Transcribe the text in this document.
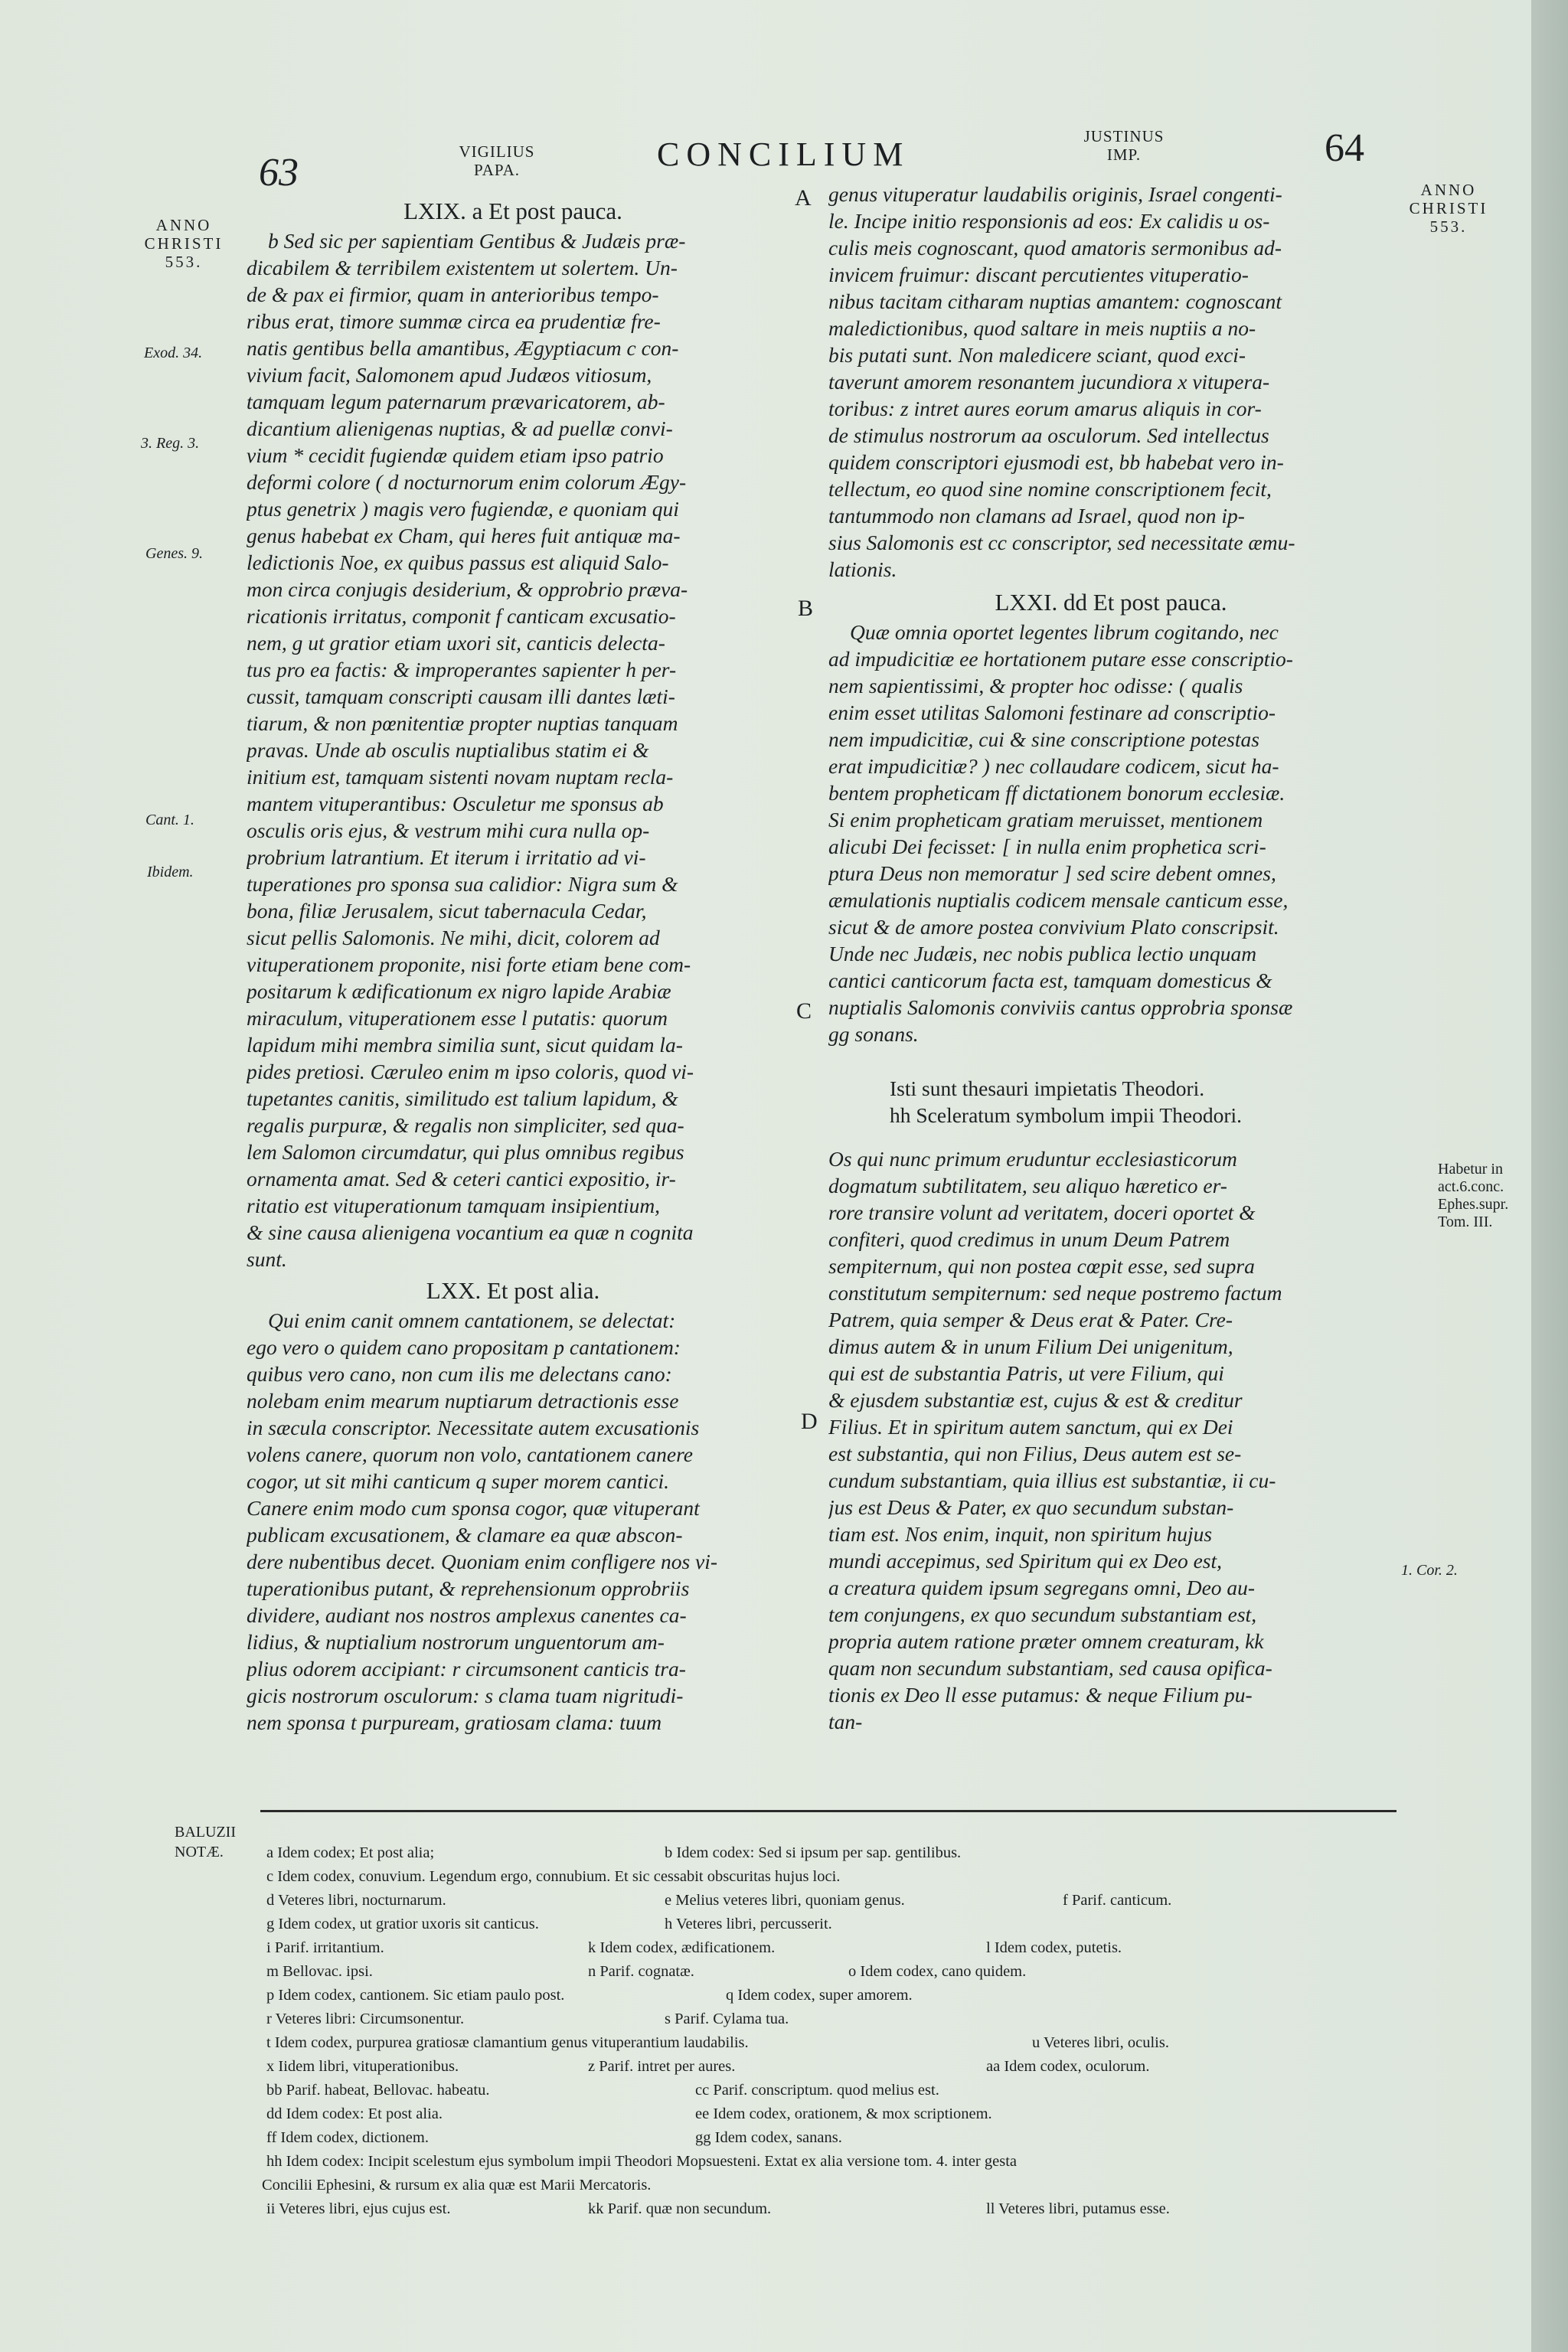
63	VIGILIUS
PAPA.	CONCILIUM	JUSTINUS
IMP.	64
ANNO
CHRISTI
553.
ANNO
CHRISTI
553.
A
B
C
D
Exod. 34.
3. Reg. 3.
Genes. 9.
Cant. 1.
Ibidem.
Habetur in act.6.conc. Ephes.supr. Tom. III.
1. Cor. 2.

LXIX. a Et post pauca.

b Sed sic per sapientiam Gentibus & Judæis præ-
dicabilem & terribilem existentem ut solertem. Un-
de & pax ei firmior, quam in anterioribus tempo-
ribus erat, timore summæ circa ea prudentiæ fre-
natis gentibus bella amantibus, Ægyptiacum c con-
vivium facit, Salomonem apud Judæos vitiosum,
tamquam legum paternarum prævaricatorem, ab-
dicantium alienigenas nuptias, & ad puellæ convi-
vium * cecidit fugiendæ quidem etiam ipso patrio
deformi colore ( d nocturnorum enim colorum Ægy-
ptus genetrix ) magis vero fugiendæ, e quoniam qui
genus habebat ex Cham, qui heres fuit antiquæ ma-
ledictionis Noe, ex quibus passus est aliquid Salo-
mon circa conjugis desiderium, & opprobrio præva-
ricationis irritatus, componit f canticam excusatio-
nem, g ut gratior etiam uxori sit, canticis delecta-
tus pro ea factis: & improperantes sapienter h per-
cussit, tamquam conscripti causam illi dantes læti-
tiarum, & non pœnitentiæ propter nuptias tanquam
pravas. Unde ab osculis nuptialibus statim ei &
initium est, tamquam sistenti novam nuptam recla-
mantem vituperantibus: Osculetur me sponsus ab
osculis oris ejus, & vestrum mihi cura nulla op-
probrium latrantium. Et iterum i irritatio ad vi-
tuperationes pro sponsa sua calidior: Nigra sum &
bona, filiæ Jerusalem, sicut tabernacula Cedar,
sicut pellis Salomonis. Ne mihi, dicit, colorem ad
vituperationem proponite, nisi forte etiam bene com-
positarum k ædificationum ex nigro lapide Arabiæ
miraculum, vituperationem esse l putatis: quorum
lapidum mihi membra similia sunt, sicut quidam la-
pides pretiosi. Cæruleo enim m ipso coloris, quod vi-
tupetantes canitis, similitudo est talium lapidum, &
regalis purpuræ, & regalis non simpliciter, sed qua-
lem Salomon circumdatur, qui plus omnibus regibus
ornamenta amat. Sed & ceteri cantici expositio, ir-
ritatio est vituperationum tamquam insipientium,
& sine causa alienigena vocantium ea quæ n cognita
sunt.

LXX. Et post alia.

Qui enim canit omnem cantationem, se delectat:
ego vero o quidem cano propositam p cantationem:
quibus vero cano, non cum ilis me delectans cano:
nolebam enim mearum nuptiarum detractionis esse
in sæcula conscriptor. Necessitate autem excusationis
volens canere, quorum non volo, cantationem canere
cogor, ut sit mihi canticum q super morem cantici.
Canere enim modo cum sponsa cogor, quæ vituperant
publicam excusationem, & clamare ea quæ abscon-
dere nubentibus decet. Quoniam enim confligere nos vi-
tuperationibus putant, & reprehensionum opprobriis
dividere, audiant nos nostros amplexus canentes ca-
lidius, & nuptialium nostrorum unguentorum am-
plius odorem accipiant: r circumsonent canticis tra-
gicis nostrorum osculorum: s clama tuam nigritudi-
nem sponsa t purpuream, gratiosam clama: tuum
genus vituperatur laudabilis originis, Israel congenti-
le. Incipe initio responsionis ad eos: Ex calidis u os-
culis meis cognoscant, quod amatoris sermonibus ad-
invicem fruimur: discant percutientes vituperatio-
nibus tacitam citharam nuptias amantem: cognoscant
maledictionibus, quod saltare in meis nuptiis a no-
bis putati sunt. Non maledicere sciant, quod exci-
taverunt amorem resonantem jucundiora x vitupera-
toribus: z intret aures eorum amarus aliquis in cor-
de stimulus nostrorum aa osculorum. Sed intellectus
quidem conscriptori ejusmodi est, bb habebat vero in-
tellectum, eo quod sine nomine conscriptionem fecit,
tantummodo non clamans ad Israel, quod non ip-
sius Salomonis est cc conscriptor, sed necessitate æmu-
lationis.

LXXI. dd Et post pauca.

Quæ omnia oportet legentes librum cogitando, nec
ad impudicitiæ ee hortationem putare esse conscriptio-
nem sapientissimi, & propter hoc odisse: ( qualis
enim esset utilitas Salomoni festinare ad conscriptio-
nem impudicitiæ, cui & sine conscriptione potestas
erat impudicitiæ? ) nec collaudare codicem, sicut ha-
bentem propheticam ff dictationem bonorum ecclesiæ.
Si enim propheticam gratiam meruisset, mentionem
alicubi Dei fecisset: [ in nulla enim prophetica scri-
ptura Deus non memoratur ] sed scire debent omnes,
æmulationis nuptialis codicem mensale canticum esse,
sicut & de amore postea convivium Plato conscripsit.
Unde nec Judæis, nec nobis publica lectio unquam
cantici canticorum facta est, tamquam domesticus &
nuptialis Salomonis conviviis cantus opprobria sponsæ
gg sonans.

Isti sunt thesauri impietatis Theodori.

hh Sceleratum symbolum impii Theodori.

Os qui nunc primum eruduntur ecclesiasticorum
dogmatum subtilitatem, seu aliquo hæretico er-
rore transire volunt ad veritatem, doceri oportet &
confiteri, quod credimus in unum Deum Patrem
sempiternum, qui non postea cœpit esse, sed supra
constitutum sempiternum: sed neque postremo factum
Patrem, quia semper & Deus erat & Pater. Cre-
dimus autem & in unum Filium Dei unigenitum,
qui est de substantia Patris, ut vere Filium, qui
& ejusdem substantiæ est, cujus & est & creditur
Filius. Et in spiritum autem sanctum, qui ex Dei
est substantia, qui non Filius, Deus autem est se-
cundum substantiam, quia illius est substantiæ, ii cu-
jus est Deus & Pater, ex quo secundum substan-
tiam est. Nos enim, inquit, non spiritum hujus
mundi accepimus, sed Spiritum qui ex Deo est,
a creatura quidem ipsum segregans omni, Deo au-
tem conjungens, ex quo secundum substantiam est,
propria autem ratione præter omnem creaturam, kk
quam non secundum substantiam, sed causa opifica-
tionis ex Deo ll esse putamus: & neque Filium pu-
tan-
BALUZII
NOTÆ.	a Idem codex; Et post alia;	b Idem codex: Sed si ipsum per sap. gentilibus.
c Idem codex, conuvium. Legendum ergo, connubium. Et sic cessabit obscuritas hujus loci.
d Veteres libri, nocturnarum.	e Melius veteres libri, quoniam genus.	f Parif. canticum.
g Idem codex, ut gratior uxoris sit canticus.	h Veteres libri, percusserit.
i Parif. irritantium.	k Idem codex, ædificationem.	l Idem codex, putetis.
m Bellovac. ipsi.	n Parif. cognatæ.	o Idem codex, cano quidem.
p Idem codex, cantionem. Sic etiam paulo post.	q Idem codex, super amorem.
r Veteres libri: Circumsonentur.	s Parif. Cylama tua.
t Idem codex, purpurea gratiosæ clamantium genus vituperantium laudabilis.	u Veteres libri, oculis.
x Iidem libri, vituperationibus.	z Parif. intret per aures.	aa Idem codex, oculorum.
bb Parif. habeat, Bellovac. habeatu.	cc Parif. conscriptum. quod melius est.
dd Idem codex: Et post alia.	ee Idem codex, orationem, & mox scriptionem.
ff Idem codex, dictionem.	gg Idem codex, sanans.
hh Idem codex: Incipit scelestum ejus symbolum impii Theodori Mopsuesteni. Extat ex alia versione tom. 4. inter gesta
Concilii Ephesini, & rursum ex alia quæ est Marii Mercatoris.
ii Veteres libri, ejus cujus est.	kk Parif. quæ non secundum.	ll Veteres libri, putamus esse.
